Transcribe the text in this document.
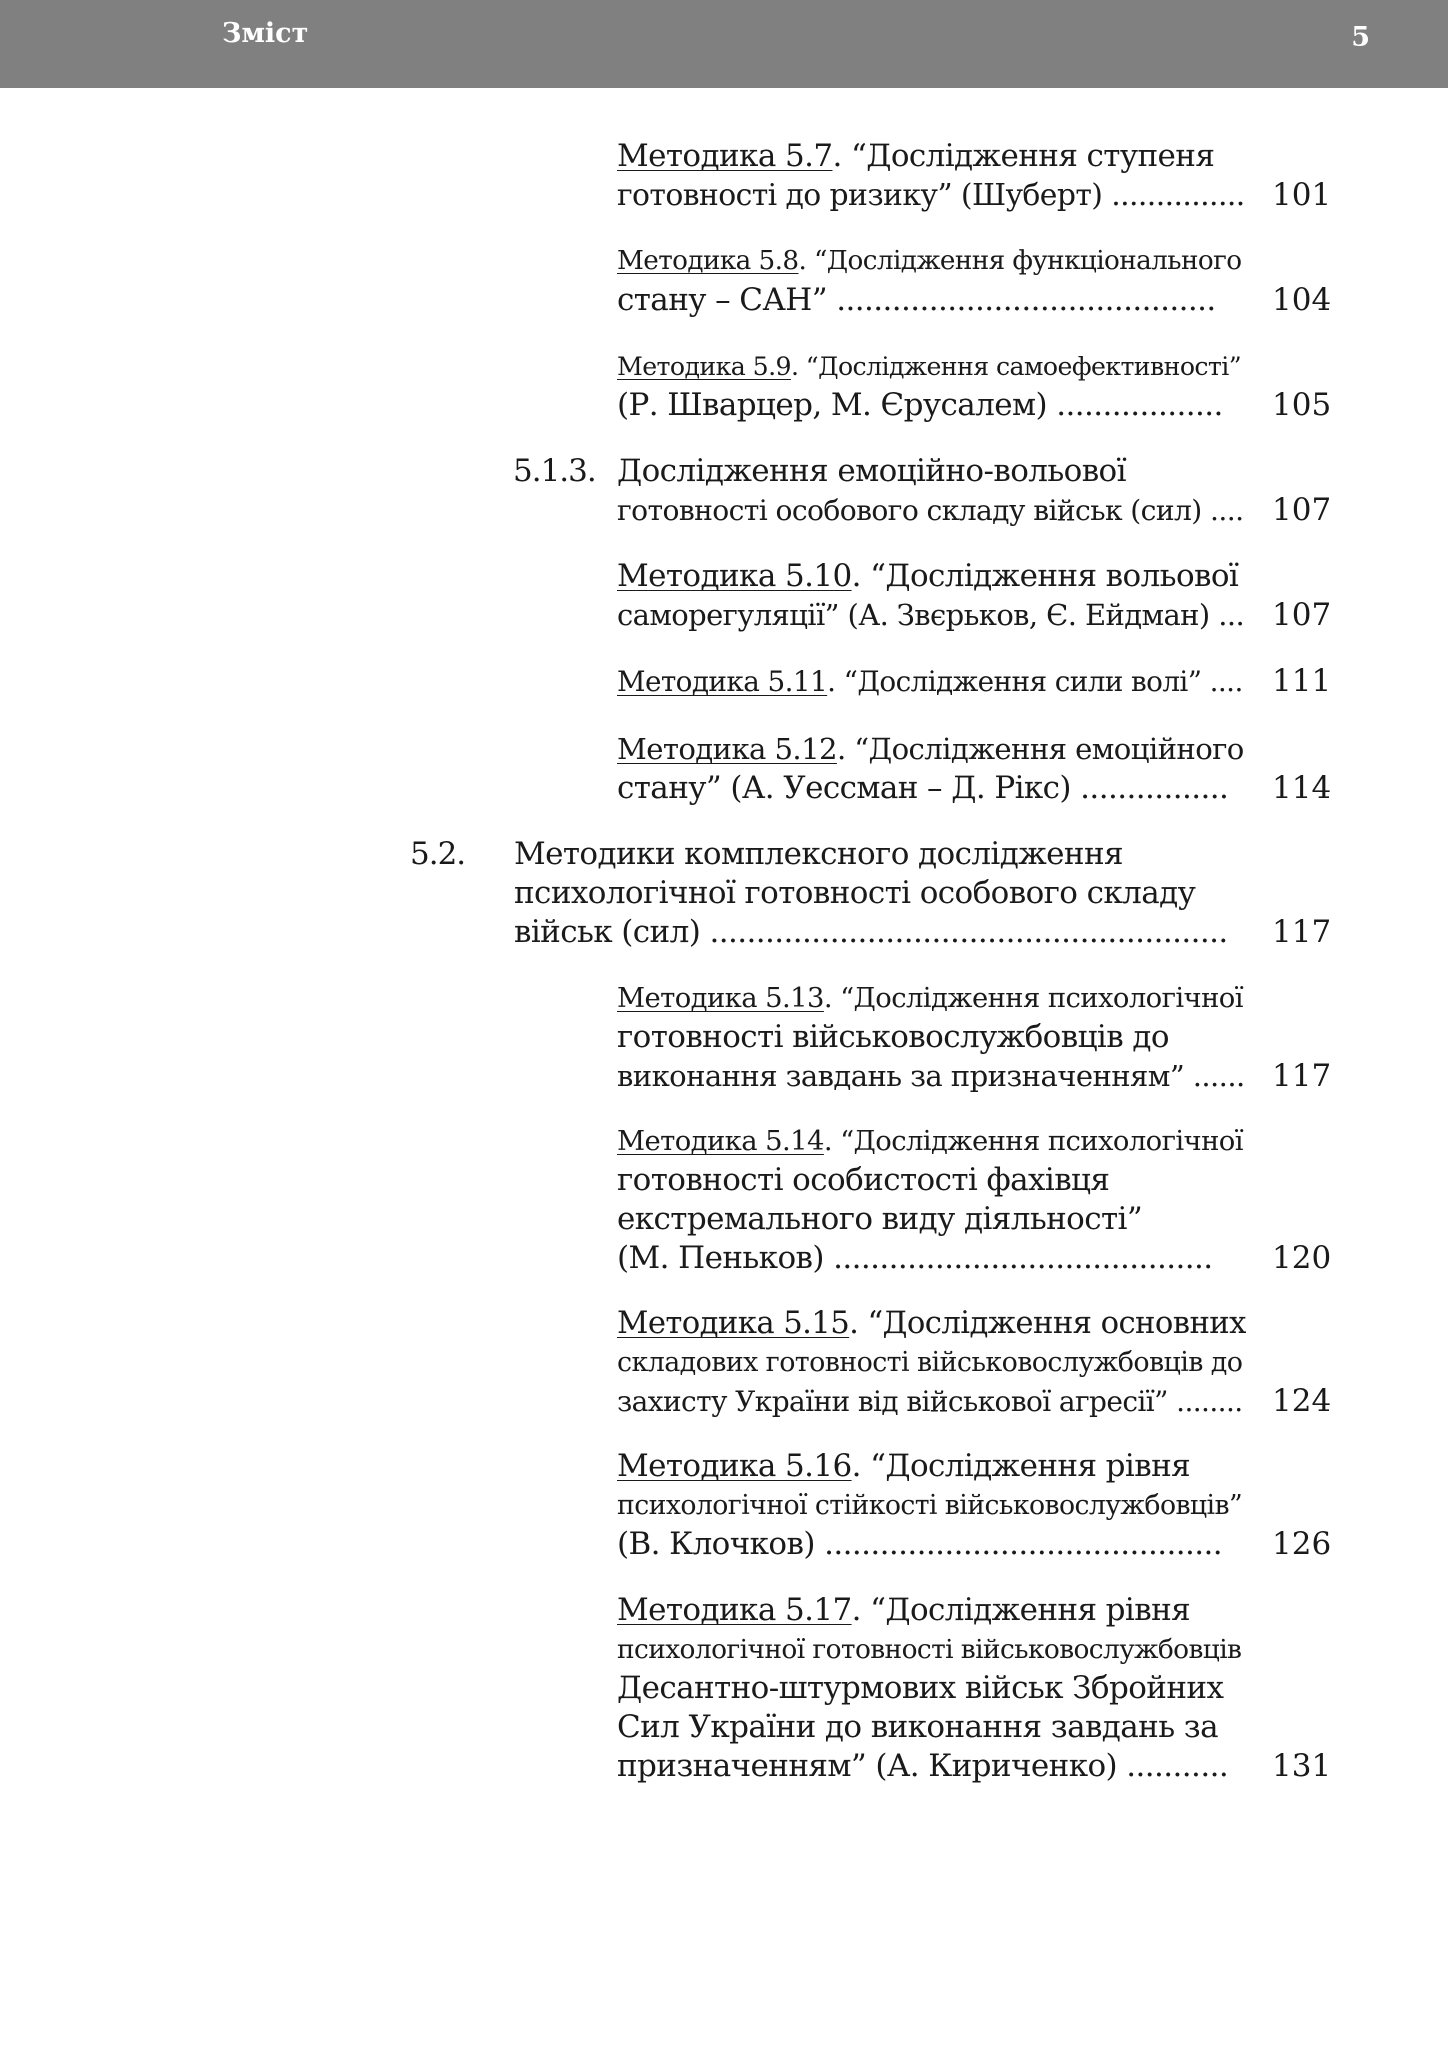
Зміст	5
Методика 5.7. “Дослідження ступеня
готовності до ризику” (Шуберт) ............... 101
Методика 5.8. “Дослідження функціонального
стану – САН” .........................................	104
Методика 5.9. “Дослідження самоефективності”
(Р. Шварцер, М. Єрусалем) ..................	105
5.1.3. Дослідження емоційно-вольової
готовності особового складу військ (сил) .... 107
Методика 5.10. “Дослідження вольової
саморегуляції” (А. Звєрьков, Є. Ейдман) ... 107
Методика 5.11. “Дослідження сили волі” .... 111
Методика 5.12. “Дослідження емоційного
стану” (А. Уессман – Д. Рікс) ................	114
5.2. Методики комплексного дослідження
психологічної готовності особового складу
військ (сил) ........................................................	117
Методика 5.13. “Дослідження психологічної
готовності військовослужбовців до
виконання завдань за призначенням” ...... 117
Методика 5.14. “Дослідження психологічної
готовності особистості фахівця
екстремального виду діяльності”
(М. Пеньков) .........................................	120
Методика 5.15. “Дослідження основних
складових готовності військовослужбовців до
захисту України від військової агресії” ........ 124
Методика 5.16. “Дослідження рівня
психологічної стійкості військовослужбовців”
(В. Клочков) ...........................................	126
Методика 5.17. “Дослідження рівня
психологічної готовності військовослужбовців
Десантно-штурмових військ Збройних
Сил України до виконання завдань за
призначенням” (А. Кириченко) ...........	131
